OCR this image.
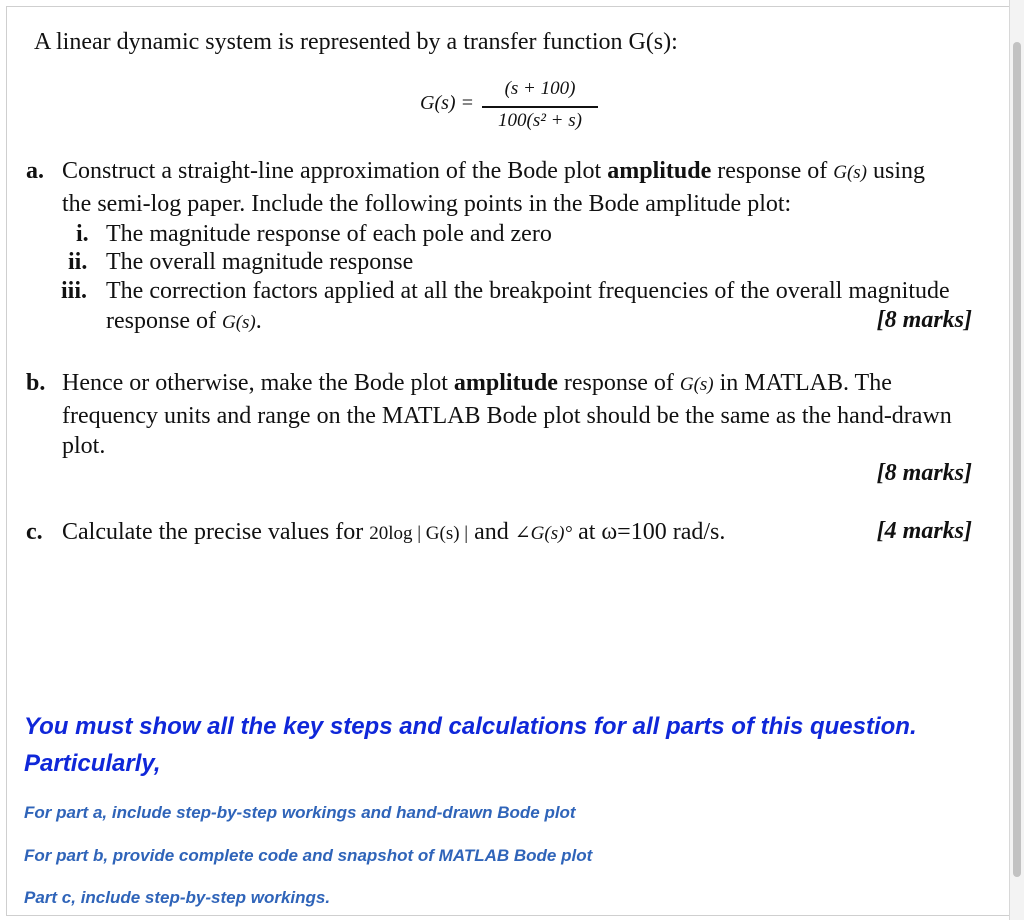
A linear dynamic system is represented by a transfer function G(s):
G(s) =
(s + 100)
100(s² + s)
a. Construct a straight-line approximation of the Bode plot amplitude response of G(s) using
the semi-log paper. Include the following points in the Bode amplitude plot:
i. The magnitude response of each pole and zero
ii. The overall magnitude response
iii. The correction factors applied at all the breakpoint frequencies of the overall magnitude
response of G(s).	[8 marks]
b. Hence or otherwise, make the Bode plot amplitude response of G(s) in MATLAB. The
frequency units and range on the MATLAB Bode plot should be the same as the hand-drawn
plot.
[8 marks]
c. Calculate the precise values for 20log | G(s) | and ∠G(s)° at ω=100 rad/s.	[4 marks]
You must show all the key steps and calculations for all parts of this question.
Particularly,
For part a, include step-by-step workings and hand-drawn Bode plot
For part b, provide complete code and snapshot of MATLAB Bode plot
Part c, include step-by-step workings.
